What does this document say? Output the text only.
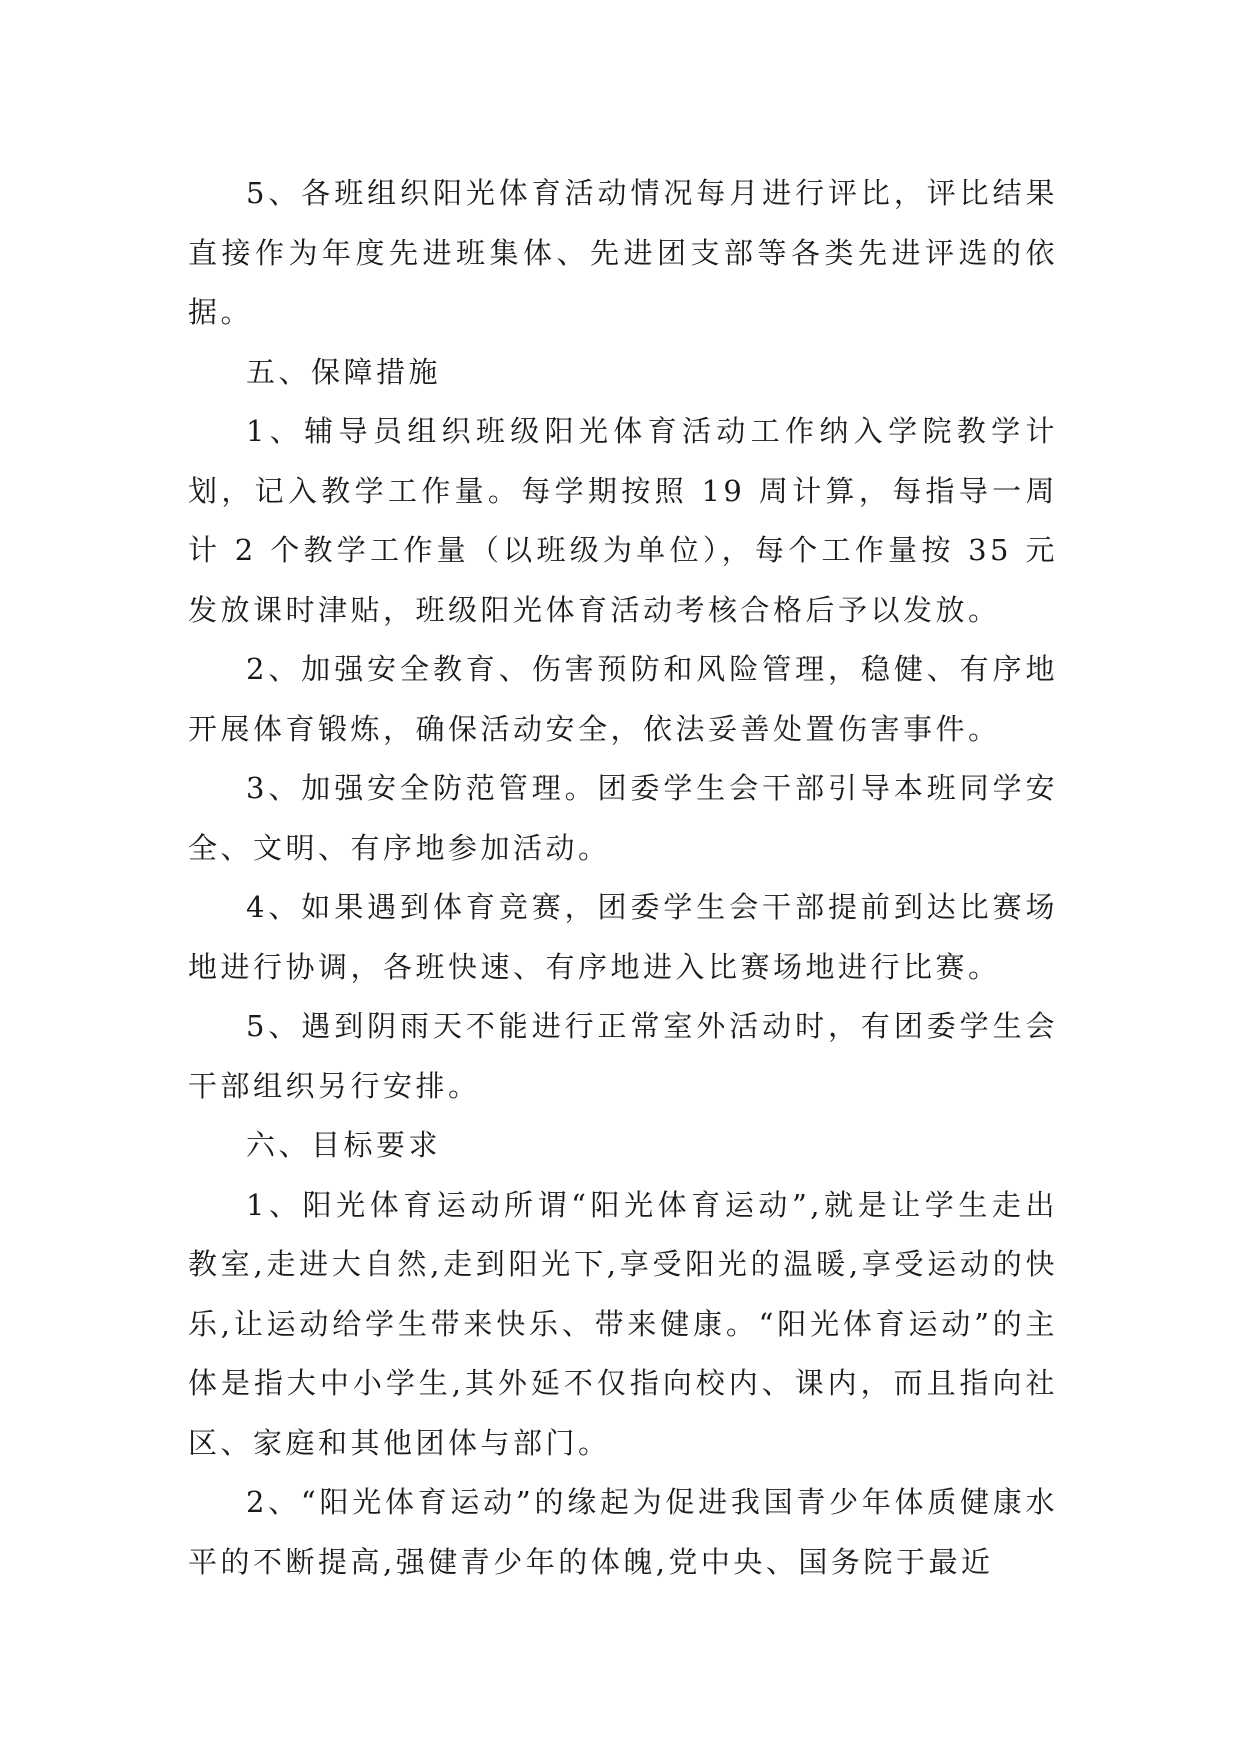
5、各班组织阳光体育活动情况每月进行评比，评比结果直接作为年度先进班集体、先进团支部等各类先进评选的依据。

五、保障措施

1、辅导员组织班级阳光体育活动工作纳入学院教学计划，记入教学工作量。每学期按照 19 周计算，每指导一周计 2 个教学工作量（以班级为单位），每个工作量按 35 元发放课时津贴，班级阳光体育活动考核合格后予以发放。

2、加强安全教育、伤害预防和风险管理，稳健、有序地开展体育锻炼，确保活动安全，依法妥善处置伤害事件。

3、加强安全防范管理。团委学生会干部引导本班同学安全、文明、有序地参加活动。

4、如果遇到体育竞赛，团委学生会干部提前到达比赛场地进行协调，各班快速、有序地进入比赛场地进行比赛。

5、遇到阴雨天不能进行正常室外活动时，有团委学生会干部组织另行安排。

六、目标要求

1、阳光体育运动所谓“阳光体育运动”,就是让学生走出教室,走进大自然,走到阳光下,享受阳光的温暖,享受运动的快乐,让运动给学生带来快乐、带来健康。“阳光体育运动”的主体是指大中小学生,其外延不仅指向校内、课内，而且指向社区、家庭和其他团体与部门。

2、“阳光体育运动”的缘起为促进我国青少年体质健康水平的不断提高,强健青少年的体魄,党中央、国务院于最近
